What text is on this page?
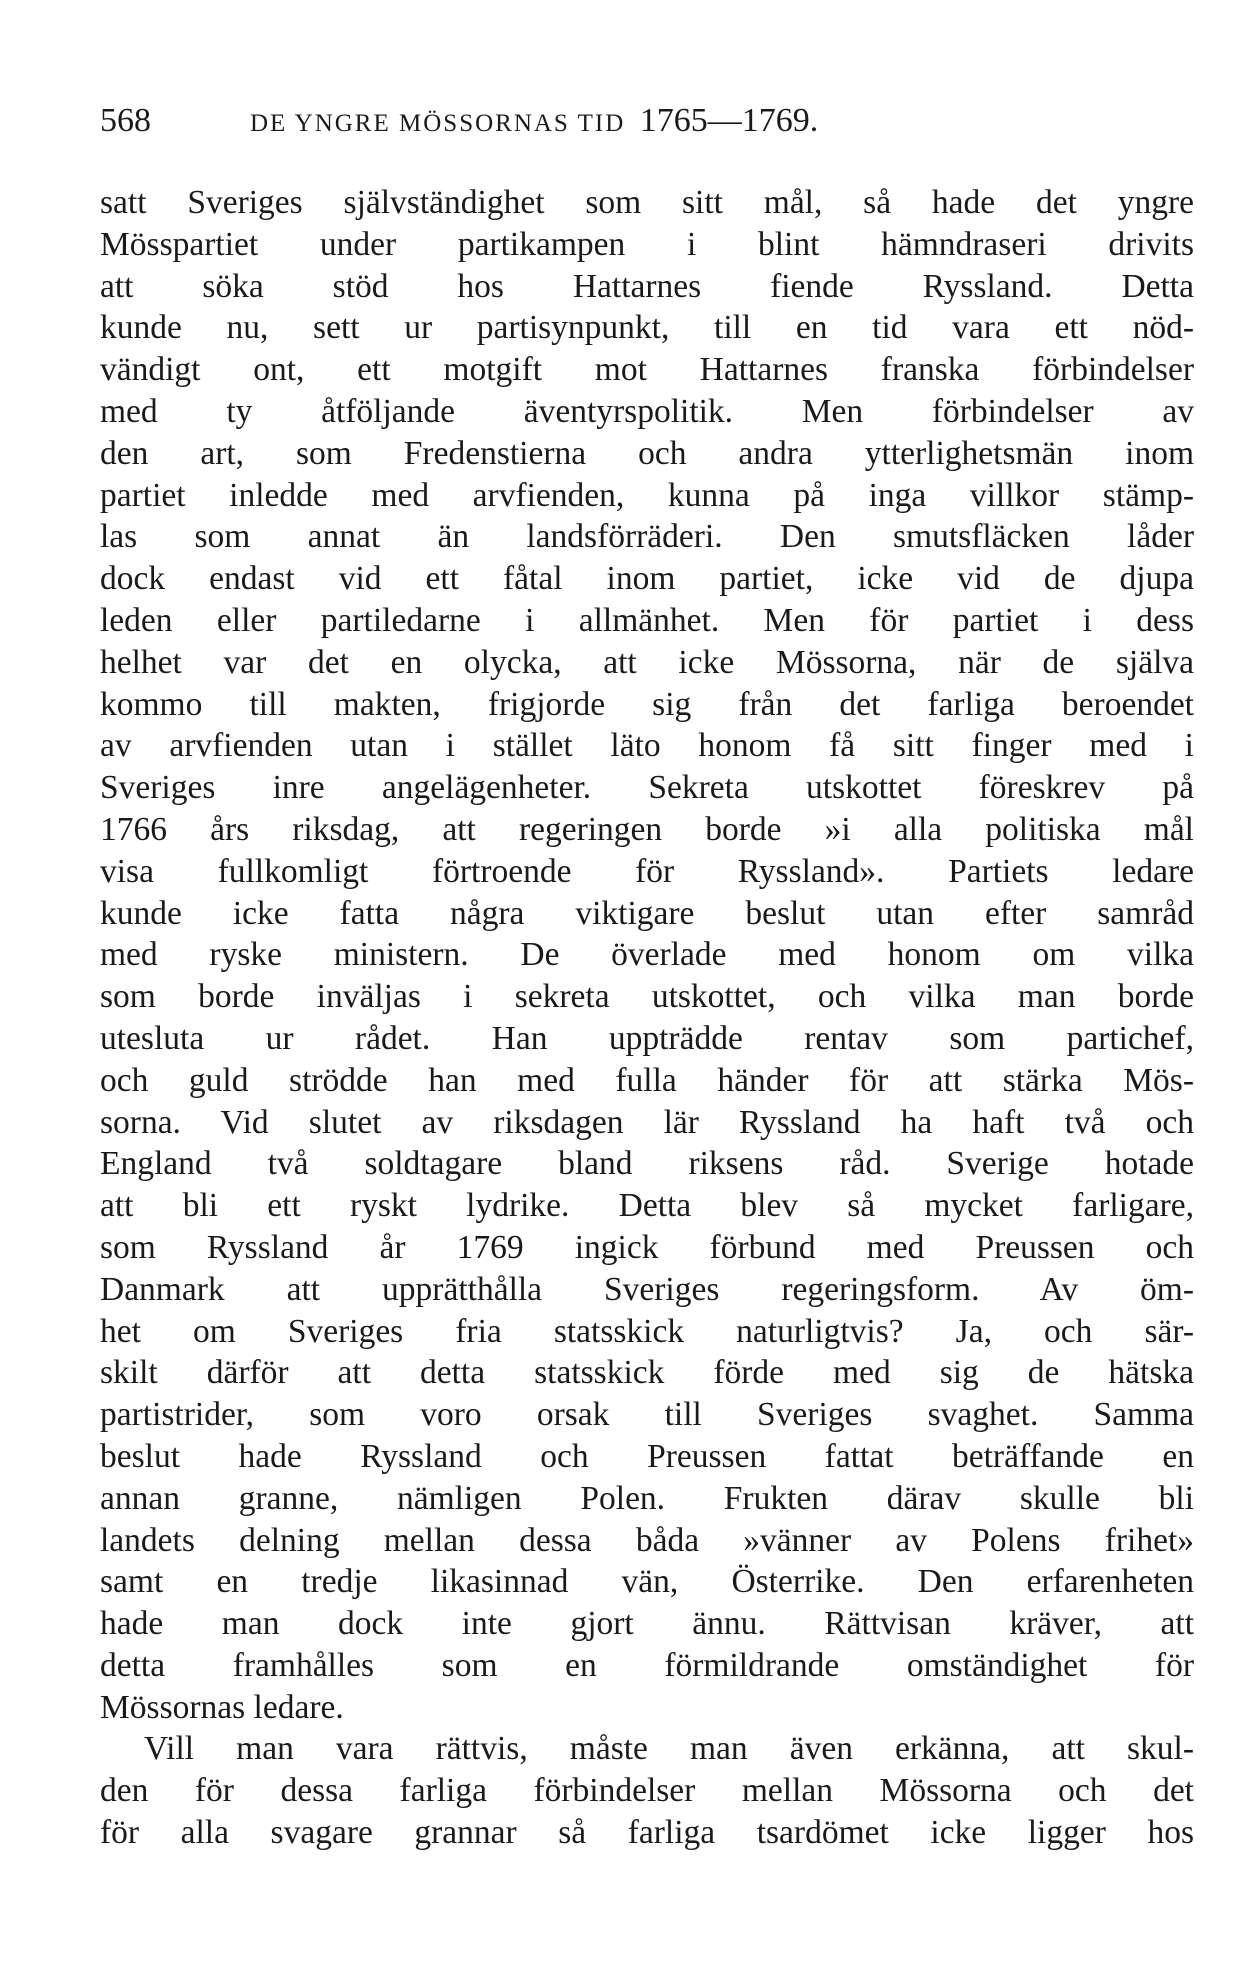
568	DE YNGRE MÖSSORNAS TID 1765—1769.
satt Sveriges självständighet som sitt mål, så hade det yngre
Mösspartiet under partikampen i blint hämndraseri drivits
att söka stöd hos Hattarnes fiende Ryssland. Detta
kunde nu, sett ur partisynpunkt, till en tid vara ett nöd-
vändigt ont, ett motgift mot Hattarnes franska förbindelser
med ty åtföljande äventyrspolitik. Men förbindelser av
den art, som Fredenstierna och andra ytterlighetsmän inom
partiet inledde med arvfienden, kunna på inga villkor stämp-
las som annat än landsförräderi. Den smutsfläcken låder
dock endast vid ett fåtal inom partiet, icke vid de djupa
leden eller partiledarne i allmänhet. Men för partiet i dess
helhet var det en olycka, att icke Mössorna, när de själva
kommo till makten, frigjorde sig från det farliga beroendet
av arvfienden utan i stället läto honom få sitt finger med i
Sveriges inre angelägenheter. Sekreta utskottet föreskrev på
1766 års riksdag, att regeringen borde »i alla politiska mål
visa fullkomligt förtroende för Ryssland». Partiets ledare
kunde icke fatta några viktigare beslut utan efter samråd
med ryske ministern. De överlade med honom om vilka
som borde inväljas i sekreta utskottet, och vilka man borde
utesluta ur rådet. Han uppträdde rentav som partichef,
och guld strödde han med fulla händer för att stärka Mös-
sorna. Vid slutet av riksdagen lär Ryssland ha haft två och
England två soldtagare bland riksens råd. Sverige hotade
att bli ett ryskt lydrike. Detta blev så mycket farligare,
som Ryssland år 1769 ingick förbund med Preussen och
Danmark att upprätthålla Sveriges regeringsform. Av öm-
het om Sveriges fria statsskick naturligtvis? Ja, och sär-
skilt därför att detta statsskick förde med sig de hätska
partistrider, som voro orsak till Sveriges svaghet. Samma
beslut hade Ryssland och Preussen fattat beträffande en
annan granne, nämligen Polen. Frukten därav skulle bli
landets delning mellan dessa båda »vänner av Polens frihet»
samt en tredje likasinnad vän, Österrike. Den erfarenheten
hade man dock inte gjort ännu. Rättvisan kräver, att
detta framhålles som en förmildrande omständighet för
Mössornas ledare.
Vill man vara rättvis, måste man även erkänna, att skul-
den för dessa farliga förbindelser mellan Mössorna och det
för alla svagare grannar så farliga tsardömet icke ligger hos
